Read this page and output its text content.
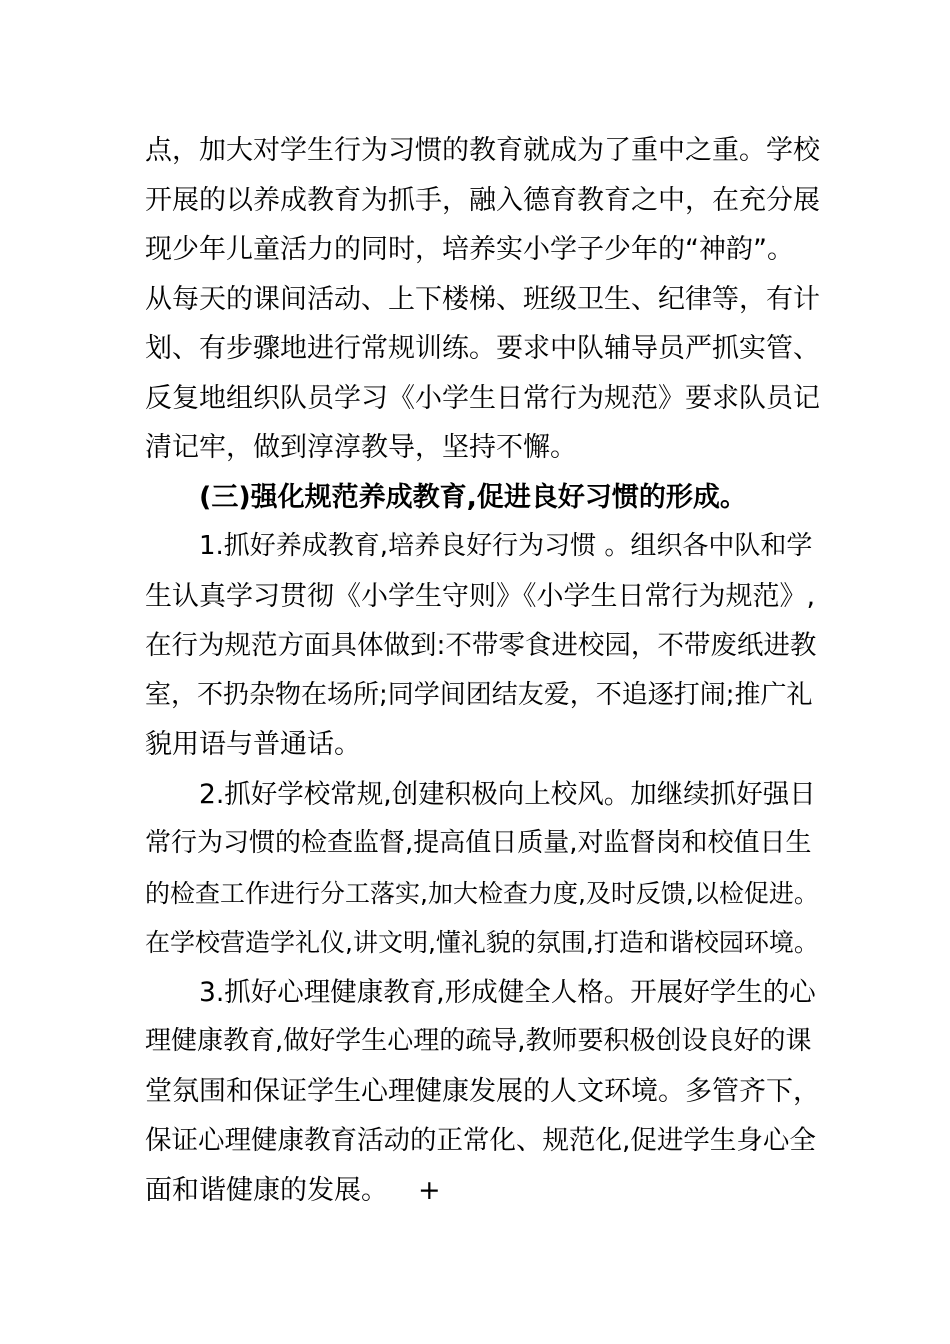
点，加大对学生行为习惯的教育就成为了重中之重。学校
开展的以养成教育为抓手，融入德育教育之中，在充分展
现少年儿童活力的同时，培养实小学子少年的“神韵”。
从每天的课间活动、上下楼梯、班级卫生、纪律等，有计
划、有步骤地进行常规训练。要求中队辅导员严抓实管、
反复地组织队员学习《小学生日常行为规范》要求队员记
清记牢，做到淳淳教导，坚持不懈。
(三)强化规范养成教育,促进良好习惯的形成。
1.抓好养成教育,培养良好行为习惯 。组织各中队和学
生认真学习贯彻《小学生守则》《小学生日常行为规范》,
在行为规范方面具体做到:不带零食进校园，不带废纸进教
室，不扔杂物在场所;同学间团结友爱，不追逐打闹;推广礼
貌用语与普通话。
2.抓好学校常规,创建积极向上校风。加继续抓好强日
常行为习惯的检查监督,提高值日质量,对监督岗和校值日生
的检查工作进行分工落实,加大检查力度,及时反馈,以检促进。
在学校营造学礼仪,讲文明,懂礼貌的氛围,打造和谐校园环境。
3.抓好心理健康教育,形成健全人格。开展好学生的心
理健康教育,做好学生心理的疏导,教师要积极创设良好的课
堂氛围和保证学生心理健康发展的人文环境。多管齐下，
保证心理健康教育活动的正常化、规范化,促进学生身心全
面和谐健康的发展。 +
